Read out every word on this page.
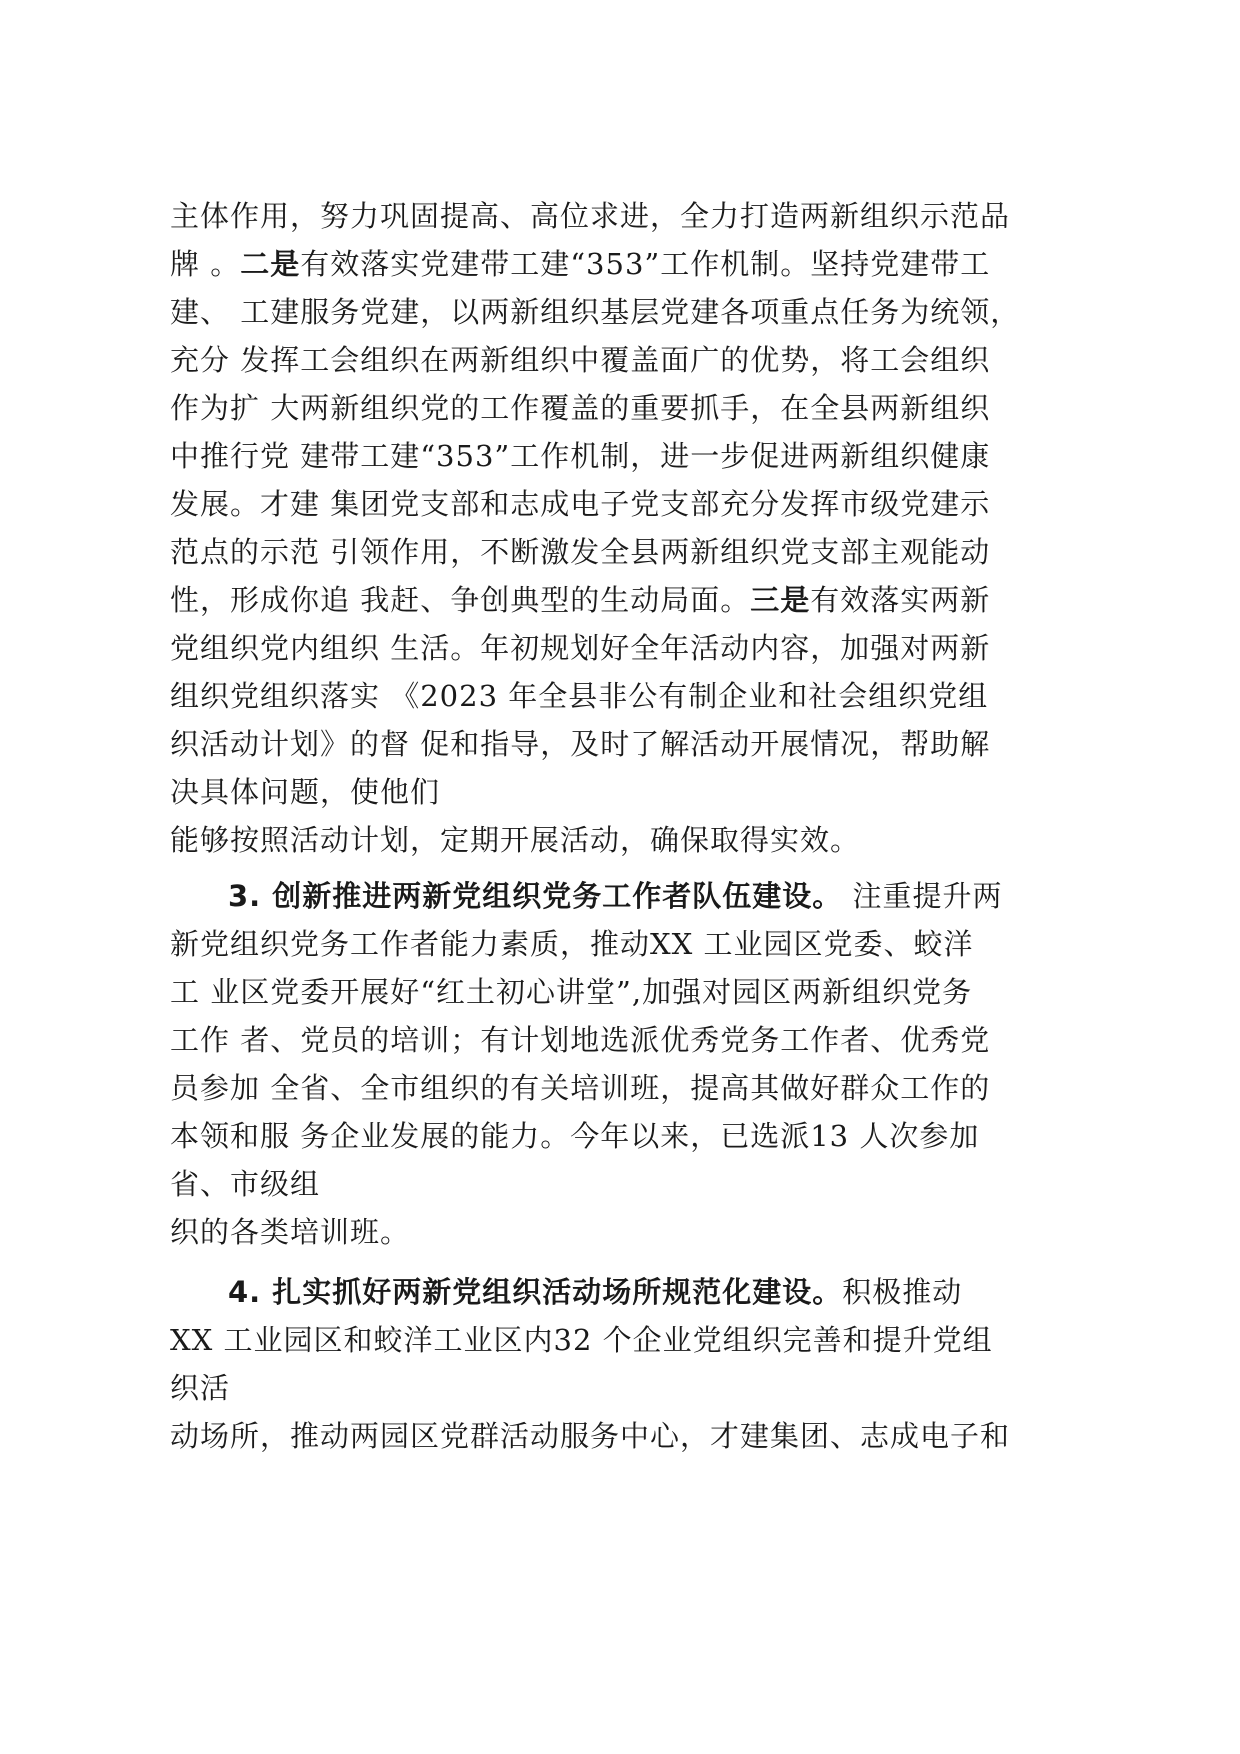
主体作用，努力巩固提高、高位求进，全力打造两新组织示范品
牌 。二是有效落实党建带工建“353”工作机制。坚持党建带工
建、 工建服务党建，以两新组织基层党建各项重点任务为统领，
充分 发挥工会组织在两新组织中覆盖面广的优势，将工会组织
作为扩 大两新组织党的工作覆盖的重要抓手，在全县两新组织
中推行党 建带工建“353”工作机制，进一步促进两新组织健康
发展。才建 集团党支部和志成电子党支部充分发挥市级党建示
范点的示范 引领作用，不断激发全县两新组织党支部主观能动
性，形成你追 我赶、争创典型的生动局面。三是有效落实两新
党组织党内组织 生活。年初规划好全年活动内容，加强对两新
组织党组织落实 《2023 年全县非公有制企业和社会组织党组
织活动计划》的督 促和指导，及时了解活动开展情况，帮助解
决具体问题，使他们
能够按照活动计划，定期开展活动，确保取得实效。
3. 创新推进两新党组织党务工作者队伍建设。 注重提升两
新党组织党务工作者能力素质，推动XX 工业园区党委、蛟洋
工 业区党委开展好“红土初心讲堂”,加强对园区两新组织党务
工作 者、党员的培训；有计划地选派优秀党务工作者、优秀党
员参加 全省、全市组织的有关培训班，提高其做好群众工作的
本领和服 务企业发展的能力。今年以来，已选派13 人次参加
省、市级组
织的各类培训班。
4. 扎实抓好两新党组织活动场所规范化建设。积极推动
XX 工业园区和蛟洋工业区内32 个企业党组织完善和提升党组
织活
动场所，推动两园区党群活动服务中心，才建集团、志成电子和
